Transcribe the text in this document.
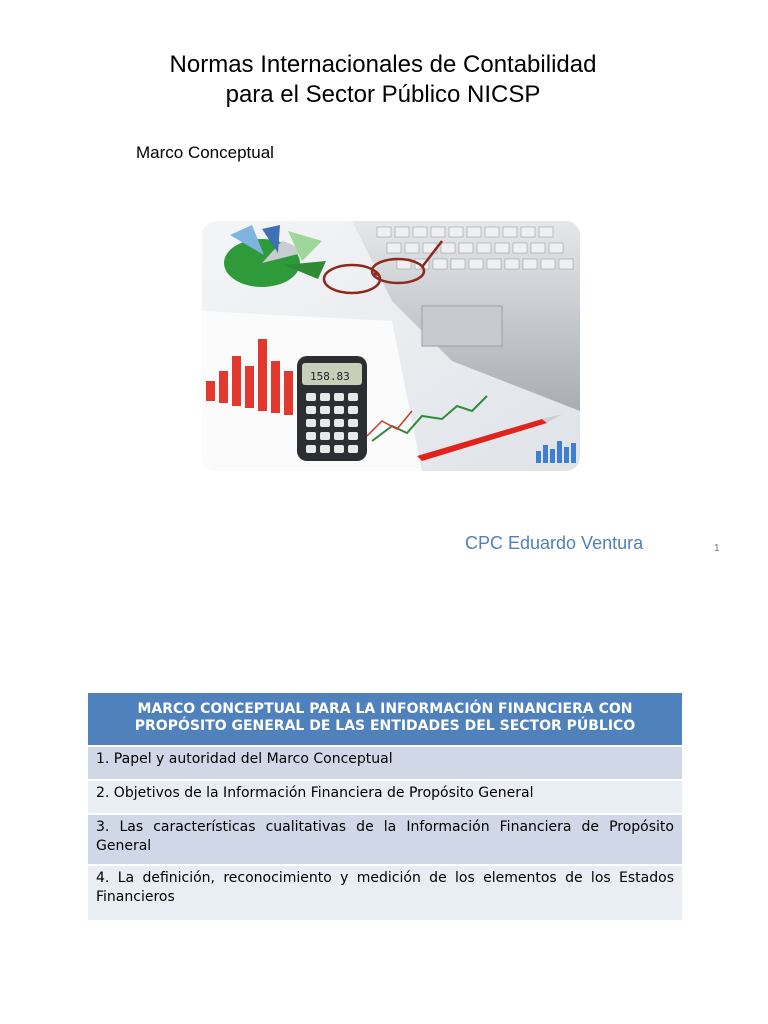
Normas Internacionales de Contabilidad
para el Sector Público NICSP

Marco Conceptual

158.83
CPC Eduardo Ventura	1
MARCO CONCEPTUAL PARA LA INFORMACIÓN FINANCIERA CON PROPÓSITO GENERAL DE LAS ENTIDADES DEL SECTOR PÚBLICO
1. Papel y autoridad del Marco Conceptual
2. Objetivos de la Información Financiera de Propósito General
3. Las características cualitativas de la Información Financiera de Propósito General
4. La definición, reconocimiento y medición de los elementos de los Estados Financieros
